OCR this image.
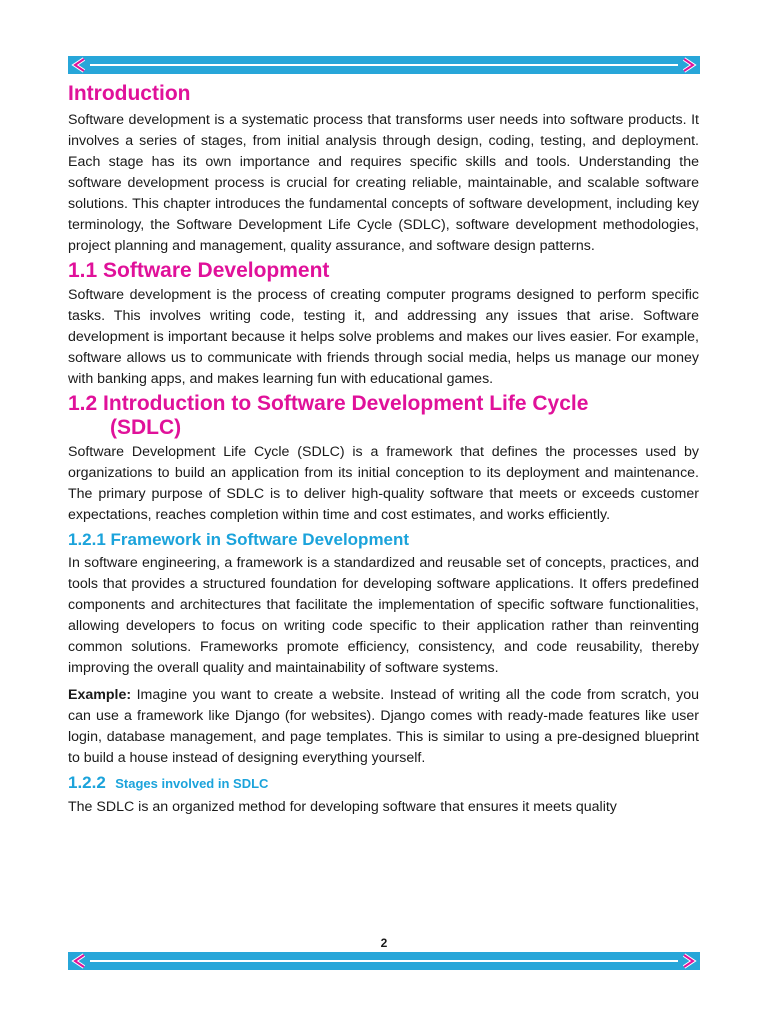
Introduction

Software development is a systematic process that transforms user needs into software products. It involves a series of stages, from initial analysis through design, coding, testing, and deployment. Each stage has its own importance and requires specific skills and tools. Understanding the software development process is crucial for creating reliable, maintainable, and scalable software solutions. This chapter introduces the fundamental concepts of software development, including key terminology, the Software Development Life Cycle (SDLC), software development methodologies, project planning and management, quality assurance, and software design patterns.

1.1 Software Development

Software development is the process of creating computer programs designed to perform specific tasks. This involves writing code, testing it, and addressing any issues that arise. Software development is important because it helps solve problems and makes our lives easier. For example, software allows us to communicate with friends through social media, helps us manage our money with banking apps, and makes learning fun with educational games.

1.2 Introduction to Software Development Life Cycle
(SDLC)

Software Development Life Cycle (SDLC) is a framework that defines the processes used by organizations to build an application from its initial conception to its deployment and maintenance. The primary purpose of SDLC is to deliver high-quality software that meets or exceeds customer expectations, reaches completion within time and cost estimates, and works efficiently.

1.2.1 Framework in Software Development

In software engineering, a framework is a standardized and reusable set of concepts, practices, and tools that provides a structured foundation for developing software applications. It offers predefined components and architectures that facilitate the implementation of specific software functionalities, allowing developers to focus on writing code specific to their application rather than reinventing common solutions. Frameworks promote efficiency, consistency, and code reusability, thereby improving the overall quality and maintainability of software systems.

Example: Imagine you want to create a website. Instead of writing all the code from scratch, you can use a framework like Django (for websites). Django comes with ready-made features like user login, database management, and page templates. This is similar to using a pre-designed blueprint to build a house instead of designing everything yourself.

1.2.2 Stages involved in SDLC

The SDLC is an organized method for developing software that ensures it meets quality

2
